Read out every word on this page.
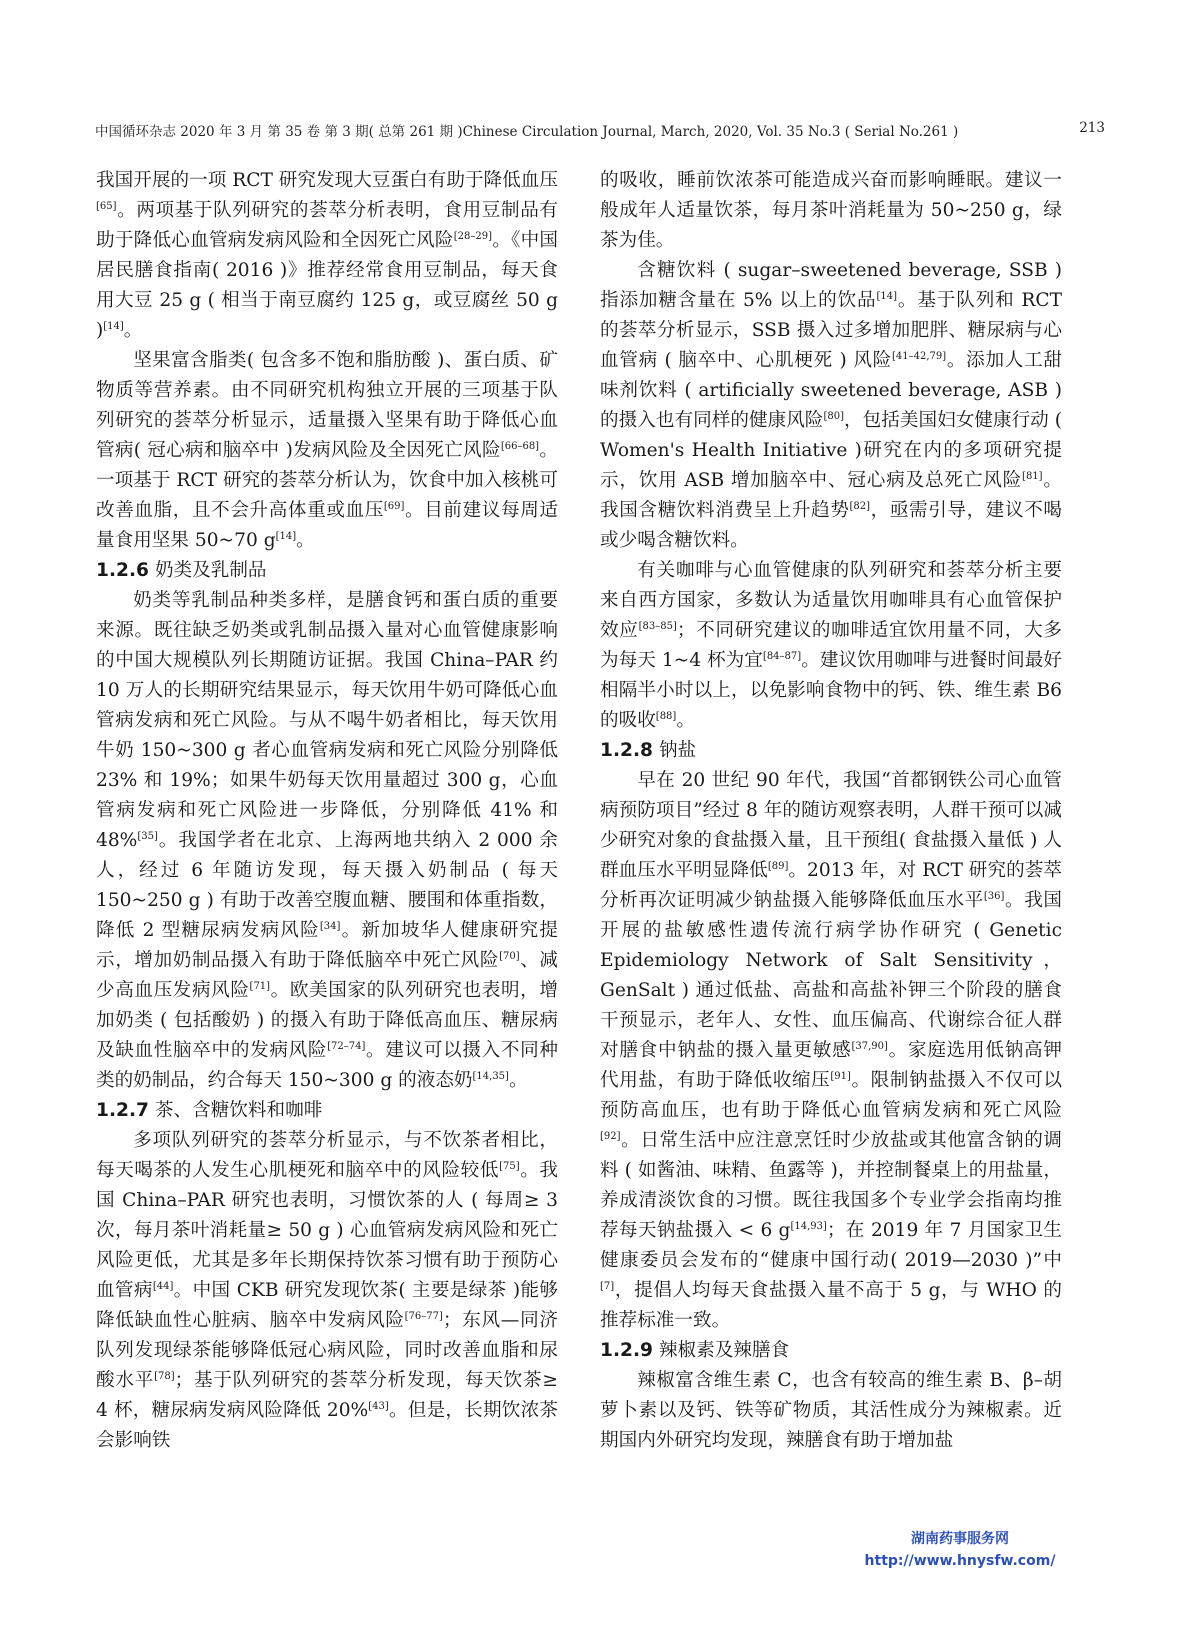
中国循环杂志 2020 年 3 月 第 35 卷 第 3 期( 总第 261 期 )Chinese Circulation Journal, March, 2020, Vol. 35 No.3 ( Serial No.261 )	213

我国开展的一项 RCT 研究发现大豆蛋白有助于降低血压[65]。两项基于队列研究的荟萃分析表明，食用豆制品有助于降低心血管病发病风险和全因死亡风险[28–29]。《中国居民膳食指南( 2016 )》推荐经常食用豆制品，每天食用大豆 25 g ( 相当于南豆腐约 125 g，或豆腐丝 50 g )[14]。

坚果富含脂类( 包含多不饱和脂肪酸 )、蛋白质、矿物质等营养素。由不同研究机构独立开展的三项基于队列研究的荟萃分析显示，适量摄入坚果有助于降低心血管病( 冠心病和脑卒中 )发病风险及全因死亡风险[66–68]。一项基于 RCT 研究的荟萃分析认为，饮食中加入核桃可改善血脂，且不会升高体重或血压[69]。目前建议每周适量食用坚果 50~70 g[14]。

1.2.6 奶类及乳制品

奶类等乳制品种类多样，是膳食钙和蛋白质的重要来源。既往缺乏奶类或乳制品摄入量对心血管健康影响的中国大规模队列长期随访证据。我国 China–PAR 约 10 万人的长期研究结果显示，每天饮用牛奶可降低心血管病发病和死亡风险。与从不喝牛奶者相比，每天饮用牛奶 150~300 g 者心血管病发病和死亡风险分别降低 23% 和 19%；如果牛奶每天饮用量超过 300 g，心血管病发病和死亡风险进一步降低，分别降低 41% 和 48%[35]。我国学者在北京、上海两地共纳入 2 000 余人，经过 6 年随访发现，每天摄入奶制品 ( 每天 150~250 g ) 有助于改善空腹血糖、腰围和体重指数，降低 2 型糖尿病发病风险[34]。新加坡华人健康研究提示，增加奶制品摄入有助于降低脑卒中死亡风险[70]、减少高血压发病风险[71]。欧美国家的队列研究也表明，增加奶类 ( 包括酸奶 ) 的摄入有助于降低高血压、糖尿病及缺血性脑卒中的发病风险[72–74]。建议可以摄入不同种类的奶制品，约合每天 150~300 g 的液态奶[14,35]。

1.2.7 茶、含糖饮料和咖啡

多项队列研究的荟萃分析显示，与不饮茶者相比，每天喝茶的人发生心肌梗死和脑卒中的风险较低[75]。我国 China–PAR 研究也表明，习惯饮茶的人 ( 每周≥ 3 次，每月茶叶消耗量≥ 50 g ) 心血管病发病风险和死亡风险更低，尤其是多年长期保持饮茶习惯有助于预防心血管病[44]。中国 CKB 研究发现饮茶( 主要是绿茶 )能够降低缺血性心脏病、脑卒中发病风险[76–77]；东风—同济队列发现绿茶能够降低冠心病风险，同时改善血脂和尿酸水平[78]；基于队列研究的荟萃分析发现，每天饮茶≥ 4 杯，糖尿病发病风险降低 20%[43]。但是，长期饮浓茶会影响铁

的吸收，睡前饮浓茶可能造成兴奋而影响睡眠。建议一般成年人适量饮茶，每月茶叶消耗量为 50~250 g，绿茶为佳。

含糖饮料 ( sugar–sweetened beverage, SSB ) 指添加糖含量在 5% 以上的饮品[14]。基于队列和 RCT 的荟萃分析显示，SSB 摄入过多增加肥胖、糖尿病与心血管病 ( 脑卒中、心肌梗死 ) 风险[41–42,79]。添加人工甜味剂饮料 ( artificially sweetened beverage, ASB ) 的摄入也有同样的健康风险[80]，包括美国妇女健康行动 ( Women's Health Initiative )研究在内的多项研究提示，饮用 ASB 增加脑卒中、冠心病及总死亡风险[81]。我国含糖饮料消费呈上升趋势[82]，亟需引导，建议不喝或少喝含糖饮料。

有关咖啡与心血管健康的队列研究和荟萃分析主要来自西方国家，多数认为适量饮用咖啡具有心血管保护效应[83–85]；不同研究建议的咖啡适宜饮用量不同，大多为每天 1~4 杯为宜[84–87]。建议饮用咖啡与进餐时间最好相隔半小时以上，以免影响食物中的钙、铁、维生素 B6 的吸收[88]。

1.2.8 钠盐

早在 20 世纪 90 年代，我国“首都钢铁公司心血管病预防项目”经过 8 年的随访观察表明，人群干预可以减少研究对象的食盐摄入量，且干预组( 食盐摄入量低 ) 人群血压水平明显降低[89]。2013 年，对 RCT 研究的荟萃分析再次证明减少钠盐摄入能够降低血压水平[36]。我国开展的盐敏感性遗传流行病学协作研究 ( Genetic Epidemiology Network of Salt Sensitivity，GenSalt ) 通过低盐、高盐和高盐补钾三个阶段的膳食干预显示，老年人、女性、血压偏高、代谢综合征人群对膳食中钠盐的摄入量更敏感[37,90]。家庭选用低钠高钾代用盐，有助于降低收缩压[91]。限制钠盐摄入不仅可以预防高血压，也有助于降低心血管病发病和死亡风险[92]。日常生活中应注意烹饪时少放盐或其他富含钠的调料 ( 如酱油、味精、鱼露等 )，并控制餐桌上的用盐量，养成清淡饮食的习惯。既往我国多个专业学会指南均推荐每天钠盐摄入 < 6 g[14,93]；在 2019 年 7 月国家卫生健康委员会发布的“健康中国行动( 2019—2030 )”中[7]，提倡人均每天食盐摄入量不高于 5 g，与 WHO 的推荐标准一致。

1.2.9 辣椒素及辣膳食

辣椒富含维生素 C，也含有较高的维生素 B、β–胡萝卜素以及钙、铁等矿物质，其活性成分为辣椒素。近期国内外研究均发现，辣膳食有助于增加盐

湖南药事服务网
http://www.hnysfw.com/
